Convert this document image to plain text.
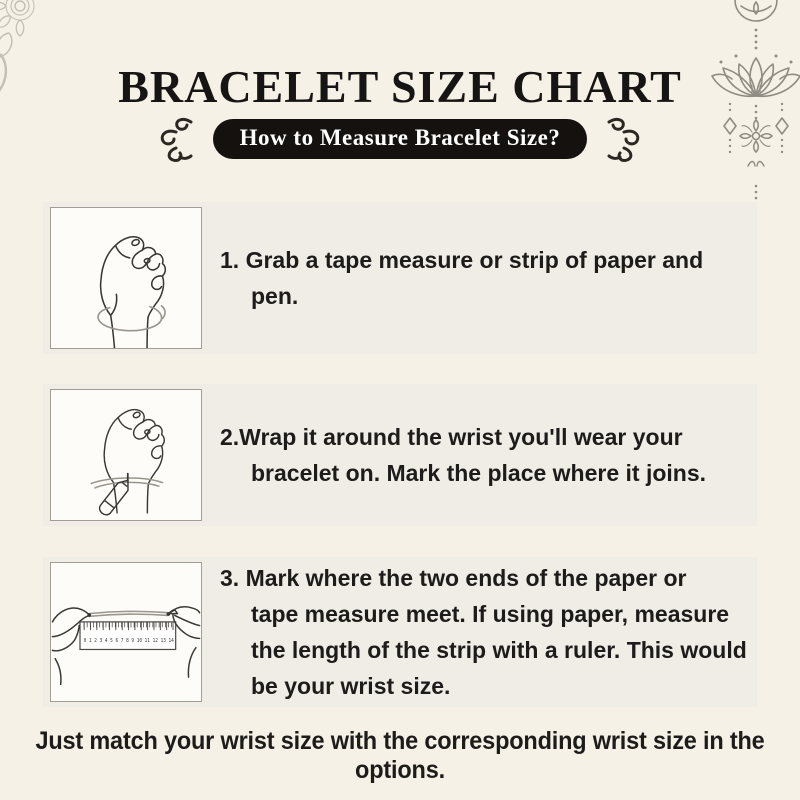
BRACELET SIZE CHART
How to Measure Bracelet Size?
1. Grab a tape measure or strip of paper and
pen.
2.Wrap it around the wrist you'll wear your
bracelet on. Mark the place where it joins.
0 1 2 3 4 5 6 7 8 9 10 11 12 13 14
3. Mark where the two ends of the paper or
tape measure meet. If using paper, measure
the length of the strip with a ruler. This would
be your wrist size.

Just match your wrist size with the corresponding wrist size in the options.
